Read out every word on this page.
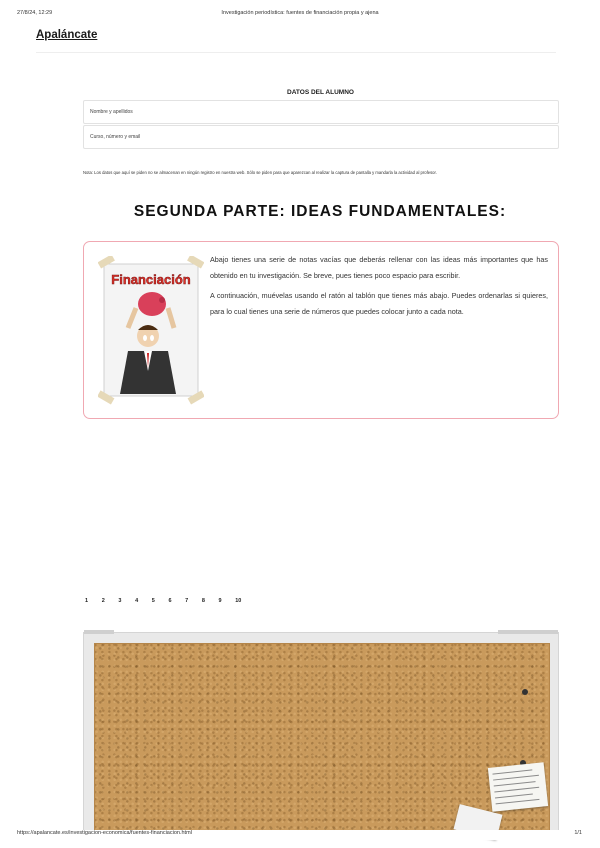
27/8/24, 12:29	Investigación periodística: fuentes de financiación propia y ajena
Apaláncate
DATOS DEL ALUMNO
Nombre y apellidos
Curso, número y email
Nota: Los datos que aquí se piden no se almacenan en ningún registro en nuestra web. Sólo se piden para que aparezcan al realizar la captura de pantalla y mandarla la actividad al profesor.
SEGUNDA PARTE: IDEAS FUNDAMENTALES:
Financiación

Abajo tienes una serie de notas vacías que deberás rellenar con las ideas más importantes que has obtenido en tu investigación. Se breve, pues tienes poco espacio para escribir.

A continuación, muévelas usando el ratón al tablón que tienes más abajo. Puedes ordenarlas si quieres, para lo cual tienes una serie de números que puedes colocar junto a cada nota.

1	2	3	4	5	6	7	8	9	10
https://apalancate.es/investigacion-economica/fuentes-financiacion.html	1/1
